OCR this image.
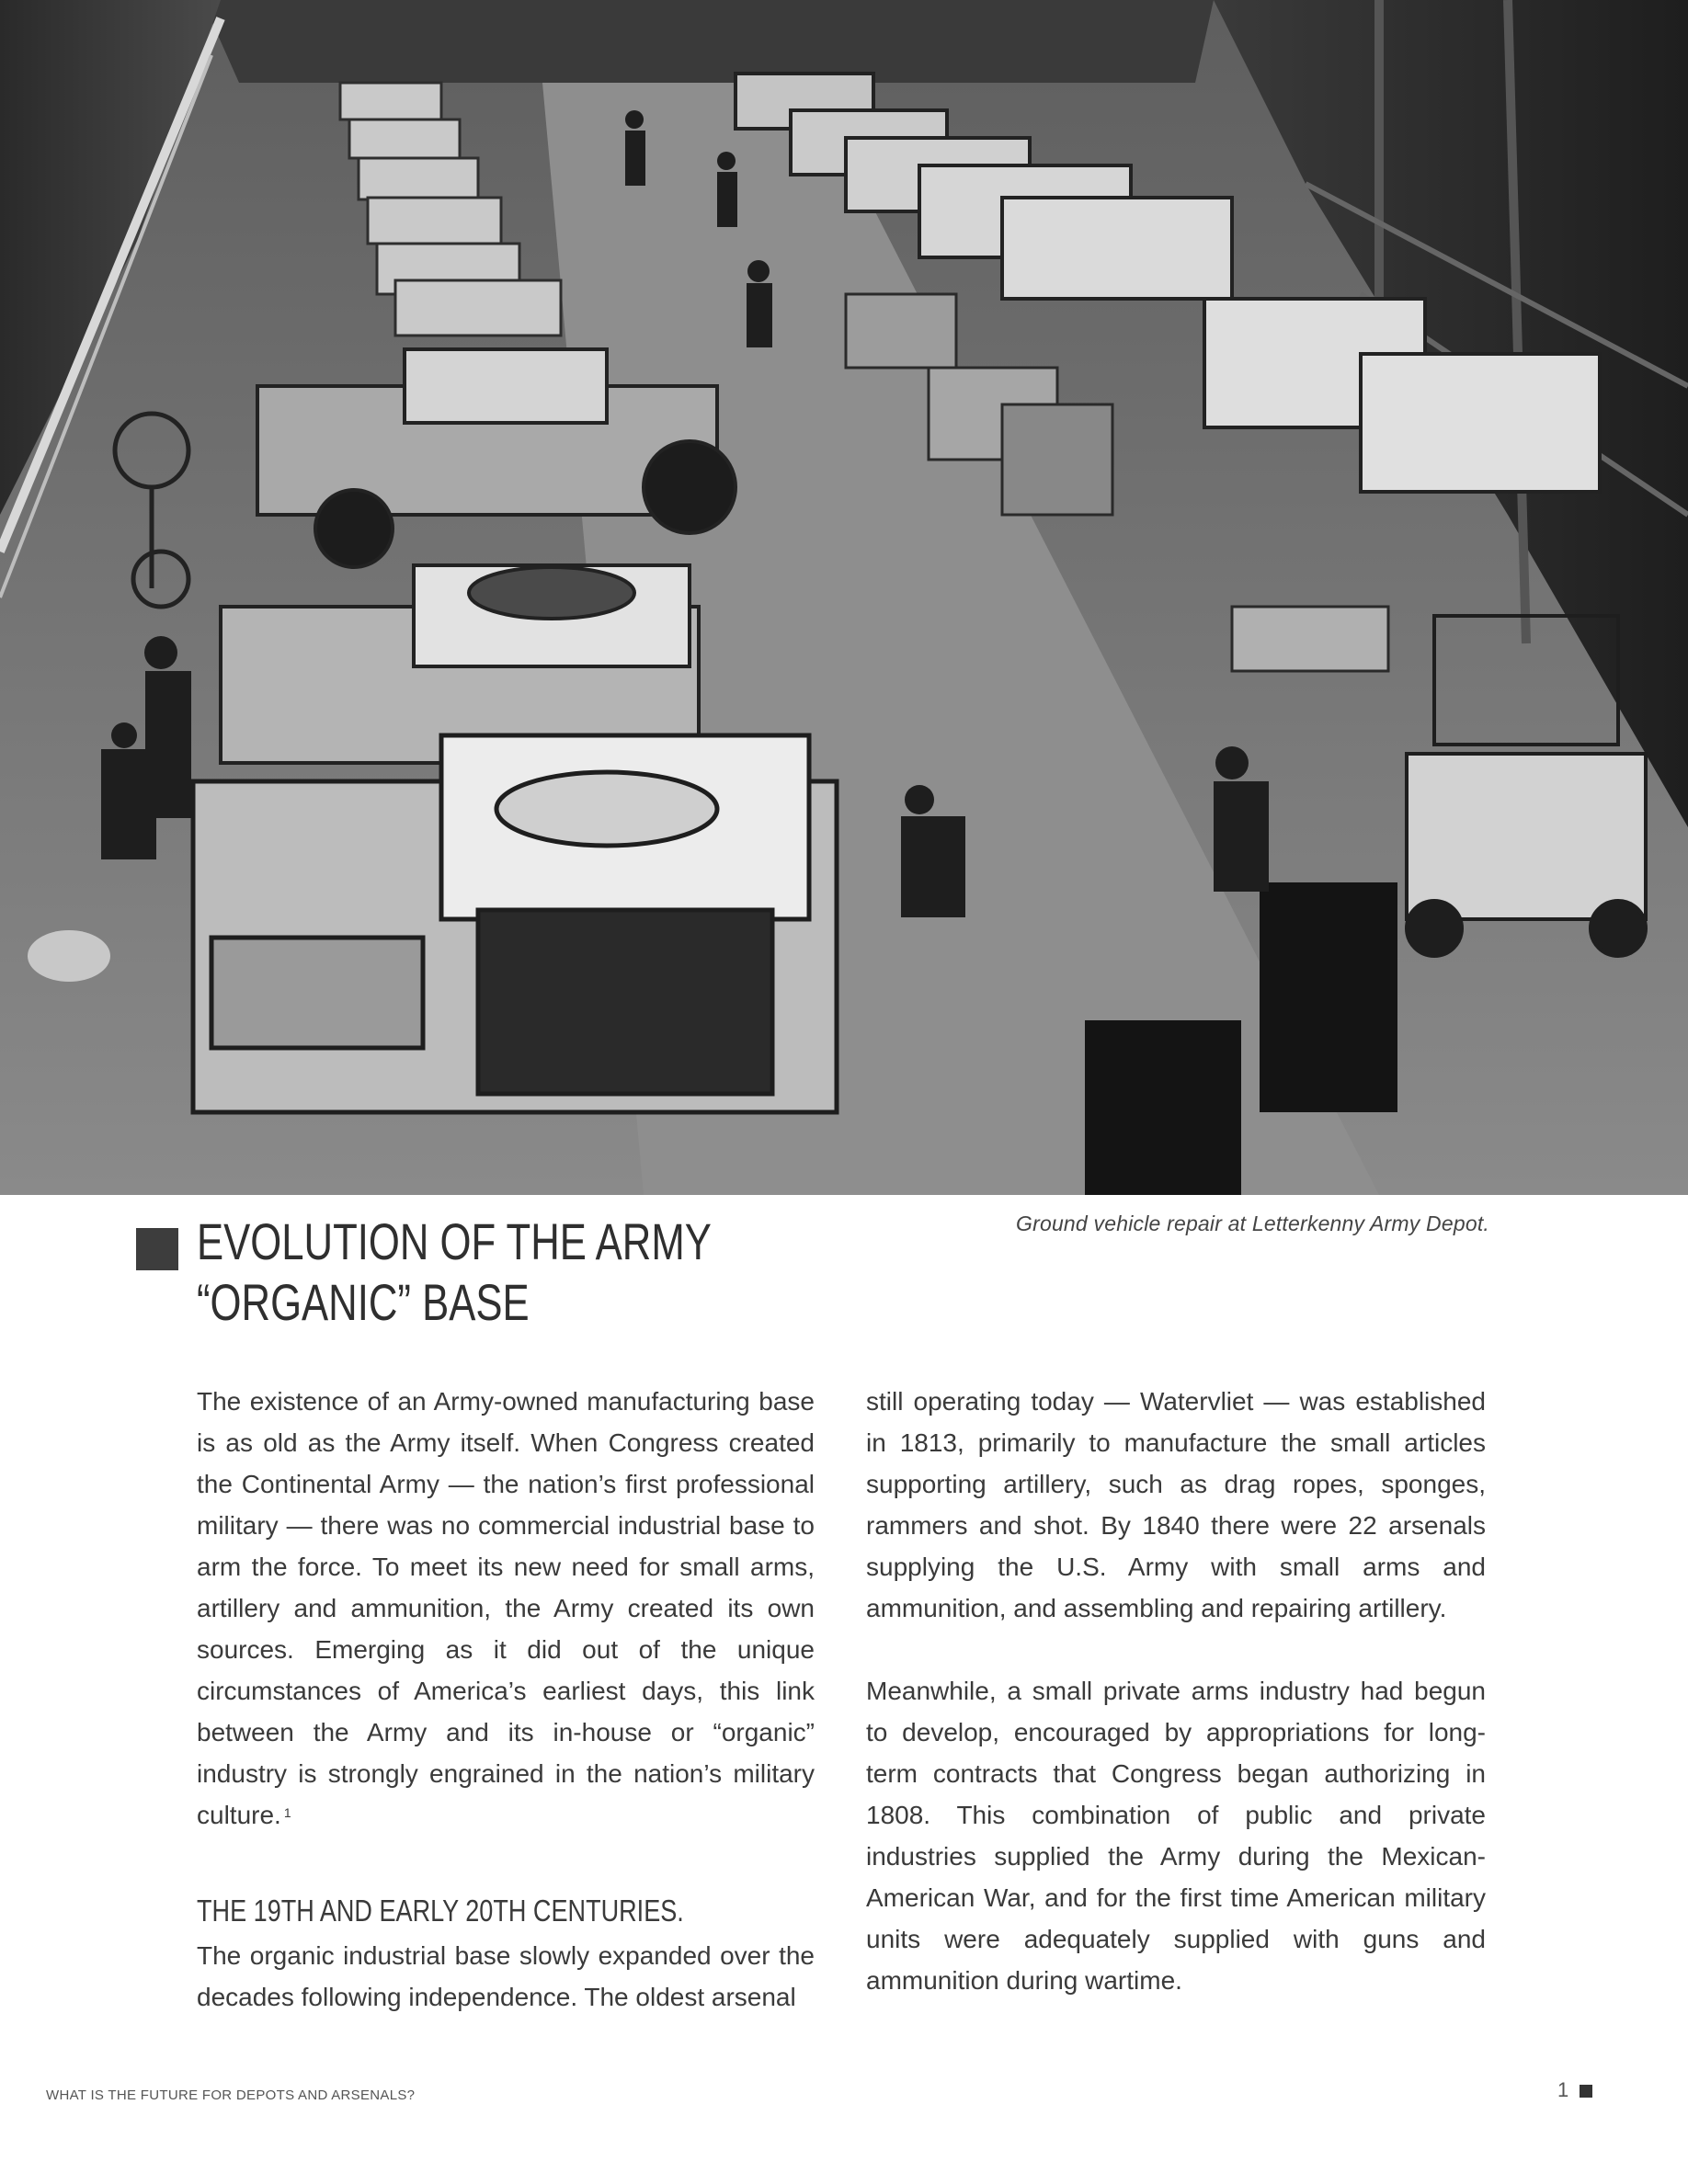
Ground vehicle repair at Letterkenny Army Depot.
EVOLUTION OF THE ARMY
“ORGANIC” BASE

The existence of an Army-owned manufacturing base is as old as the Army itself. When Congress created the Continental Army — the nation’s first professional military — there was no commercial industrial base to arm the force. To meet its new need for small arms, artillery and ammunition, the Army created its own sources. Emerging as it did out of the unique circumstances of America’s earliest days, this link between the Army and its in-house or “organic” industry is strongly engrained in the nation’s military culture. $^1$

THE 19TH AND EARLY 20TH CENTURIES.

The organic industrial base slowly expanded over the decades following independence. The oldest arsenal

still operating today — Watervliet — was established in 1813, primarily to manufacture the small articles supporting artillery, such as drag ropes, sponges, rammers and shot. By 1840 there were 22 arsenals supplying the U.S. Army with small arms and ammunition, and assembling and repairing artillery.

Meanwhile, a small private arms industry had begun to develop, encouraged by appropriations for long-term contracts that Congress began authorizing in 1808. This combination of public and private industries supplied the Army during the Mexican-American War, and for the first time American military units were adequately supplied with guns and ammunition during wartime.

WHAT IS THE FUTURE FOR DEPOTS AND ARSENALS?	1
